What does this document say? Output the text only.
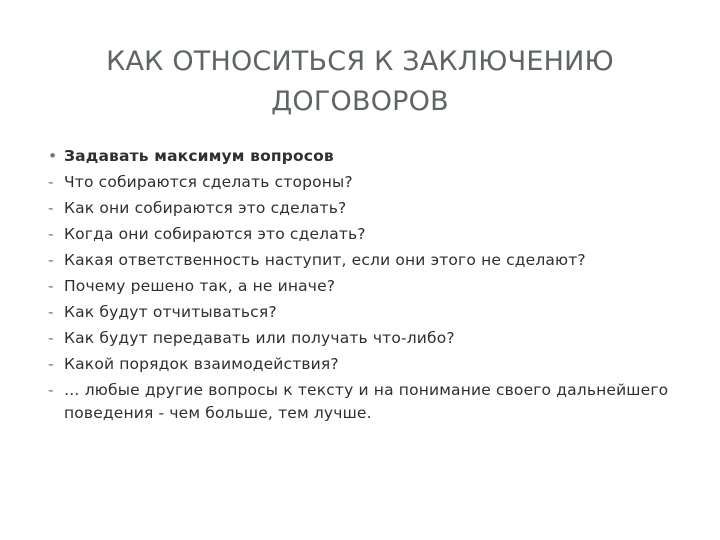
КАК ОТНОСИТЬСЯ К ЗАКЛЮЧЕНИЮ
ДОГОВОРОВ
• Задавать максимум вопросов
- Что собираются сделать стороны?
- Как они собираются это сделать?
- Когда они собираются это сделать?
- Какая ответственность наступит, если они этого не сделают?
- Почему решено так, а не иначе?
- Как будут отчитываться?
- Как будут передавать или получать что-либо?
- Какой порядок взаимодействия?
- … любые другие вопросы к тексту и на понимание своего дальнейшего поведения - чем больше, тем лучше.
